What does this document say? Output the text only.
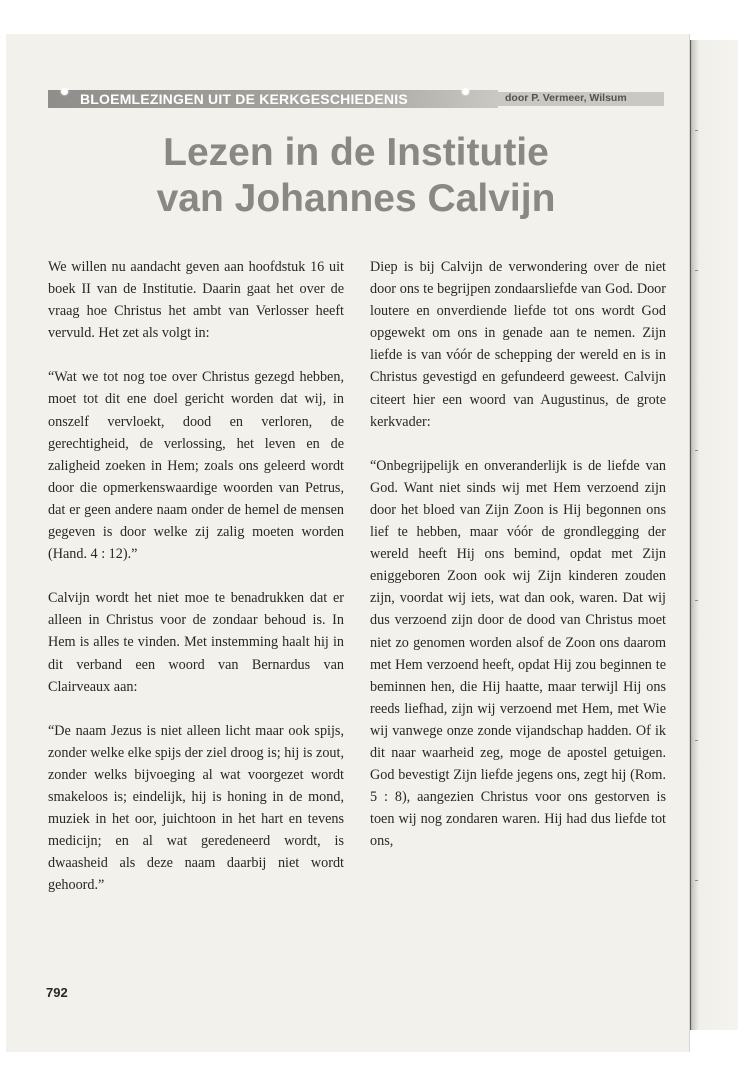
BLOEMLEZINGEN UIT DE KERKGESCHIEDENIS	door P. Vermeer, Wilsum
Lezen in de Institutie
van Johannes Calvijn

We willen nu aandacht geven aan hoofdstuk 16 uit boek II van de Institutie. Daarin gaat het over de vraag hoe Christus het ambt van Verlosser heeft vervuld. Het zet als volgt in:

“Wat we tot nog toe over Christus gezegd hebben, moet tot dit ene doel gericht worden dat wij, in onszelf vervloekt, dood en verloren, de gerechtigheid, de verlossing, het leven en de zaligheid zoeken in Hem; zoals ons geleerd wordt door die opmerkenswaardige woorden van Petrus, dat er geen andere naam onder de hemel de mensen gegeven is door welke zij zalig moeten worden (Hand. 4 : 12).”

Calvijn wordt het niet moe te benadrukken dat er alleen in Christus voor de zondaar behoud is. In Hem is alles te vinden. Met instemming haalt hij in dit verband een woord van Bernardus van Clairveaux aan:

“De naam Jezus is niet alleen licht maar ook spijs, zonder welke elke spijs der ziel droog is; hij is zout, zonder welks bijvoeging al wat voorgezet wordt smakeloos is; eindelijk, hij is honing in de mond, muziek in het oor, juichtoon in het hart en tevens medicijn; en al wat geredeneerd wordt, is dwaasheid als deze naam daarbij niet wordt gehoord.”

Diep is bij Calvijn de verwondering over de niet door ons te begrijpen zondaarsliefde van God. Door loutere en onverdiende liefde tot ons wordt God opgewekt om ons in genade aan te nemen. Zijn liefde is van vóór de schepping der wereld en is in Christus gevestigd en gefundeerd geweest. Calvijn citeert hier een woord van Augustinus, de grote kerkvader:

“Onbegrijpelijk en onveranderlijk is de liefde van God. Want niet sinds wij met Hem verzoend zijn door het bloed van Zijn Zoon is Hij begonnen ons lief te hebben, maar vóór de grondlegging der wereld heeft Hij ons bemind, opdat met Zijn eniggeboren Zoon ook wij Zijn kinderen zouden zijn, voordat wij iets, wat dan ook, waren. Dat wij dus verzoend zijn door de dood van Christus moet niet zo genomen worden alsof de Zoon ons daarom met Hem verzoend heeft, opdat Hij zou beginnen te beminnen hen, die Hij haatte, maar terwijl Hij ons reeds liefhad, zijn wij verzoend met Hem, met Wie wij vanwege onze zonde vijandschap hadden. Of ik dit naar waarheid zeg, moge de apostel getuigen. God bevestigt Zijn liefde jegens ons, zegt hij (Rom. 5 : 8), aangezien Christus voor ons gestorven is toen wij nog zondaren waren. Hij had dus liefde tot ons,

792
